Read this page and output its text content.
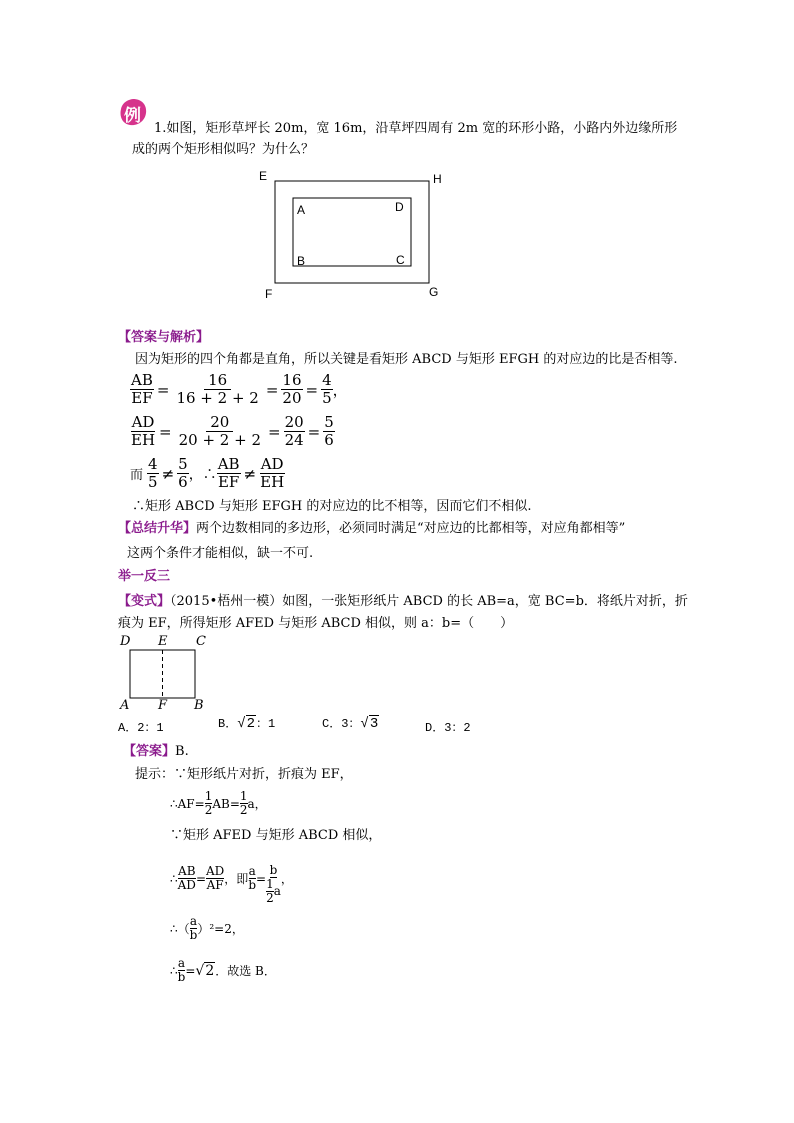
例
1.如图，矩形草坪长 20m，宽 16m，沿草坪四周有 2m 宽的环形小路，小路内外边缘所形
成的两个矩形相似吗？为什么？
E	H
F	G
A	D
B	C
【答案与解析】
因为矩形的四个角都是直角，所以关键是看矩形 ABCD 与矩形 EFGH 的对应边的比是否相等.
$\frac{AB}{EF} = \frac{16}{16 + 2 + 2} = \frac{16}{20} = \frac{4}{5}$ ，
$\frac{AD}{EH} = \frac{20}{20 + 2 + 2} = \frac{20}{24} = \frac{5}{6}$
而 $\frac{4}{5} \ne \frac{5}{6}$ ，∴ $\frac{AB}{EF} \ne \frac{AD}{EH}$
∴矩形 ABCD 与矩形 EFGH 的对应边的比不相等，因而它们不相似.
【总结升华】两个边数相同的多边形，必须同时满足“对应边的比都相等，对应角都相等”
这两个条件才能相似，缺一不可.
举一反三
【变式】（2015•梧州一模）如图，一张矩形纸片 ABCD 的长 AB=a，宽 BC=b．将纸片对折，折
痕为 EF，所得矩形 AFED 与矩形 ABCD 相似，则 a：b=（　　）
D E C
A F B
A．2：1	B．√2：1	C．3：√3	D．3：2
【答案】B.
提示：∵矩形纸片对折，折痕为 EF，
∴AF= $\frac{1}{2} AB= \frac{1}{2}$ a，
∵矩形 AFED 与矩形 ABCD 相似，
∴ $\frac{AB}{AD} = \frac{AD}{AF}$ ，即 $\frac{a}{b} = b$
1
2 a ，
∴（
a
b ）²=2，
∴ $\frac{a}{b} = √2$ ．故选 B．
